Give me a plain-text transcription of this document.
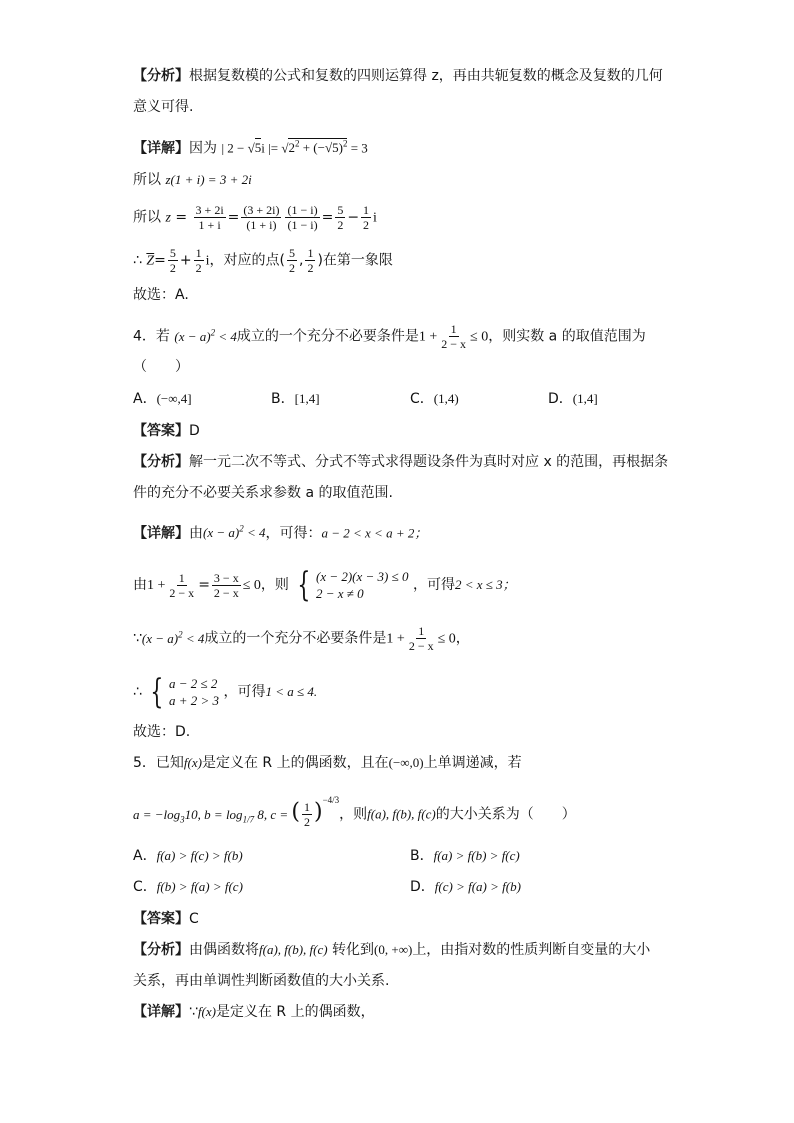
【分析】根据复数模的公式和复数的四则运算得 z，再由共轭复数的概念及复数的几何
意义可得.
【详解】因为 | 2 − √5i |= $√2^2 + (-√5)^2 = 3$
所以 z(1 + i) = 3 + 2i
所以 $z = \frac{3 + 2i}{1 + i} = \frac{(3 + 2i)}{(1 + i)} \frac{(1 - i)}{(1 - i)} = \frac{5}{2} - \frac{1}{2}$ i
∴ $\overline{Z}= \frac{5}{2} + \frac{1}{2}$ i，对应的点( $\frac{5}{2}$ , $\frac{1}{2}$ )在第一象限
故选：A.
4．若 $(x - a)^2 < 4$成立的一个充分不必要条件是$1 + \frac{1}{2 - x} \le 0$，则实数 a 的取值范围为
（　　）
A．(−∞,4]	B．[1,4]	C．(1,4)	D．(1,4]
【答案】D
【分析】解一元二次不等式、分式不等式求得题设条件为真时对应 x 的范围，再根据条
件的充分不必要关系求参数 a 的取值范围.
【详解】由$(x - a)^2 < 4$，可得：a − 2 < x < a + 2；
由$1 + \frac{1}{2 - x} = \frac{3 - x}{2 - x} \le 0$，则 { (x − 2)(x − 3) ≤ 0
2 − x ≠ 0
，可得2 < x ≤ 3；
∵(x − a)$^2$ < 4成立的一个充分不必要条件是$1 + \frac{1}{2 - x} \le 0$，
∴ { a − 2 ≤ 2
a + 2 > 3
，可得1 < a ≤ 4.
故选：D.
5．已知f(x)是定义在 R 上的偶函数，且在(−∞,0)上单调递减，若
$a = -\log_310$, $b = \log_{1/7} 8$, c = ( $\frac{1}{2} )^{-4/3}$，则f(a), f(b), f(c)的大小关系为（　　）
A．f(a) > f(c) > f(b)	B．f(a) > f(b) > f(c)
C．f(b) > f(a) > f(c)	D．f(c) > f(a) > f(b)
【答案】C
【分析】由偶函数将f(a), f(b), f(c) 转化到(0, +∞)上，由指对数的性质判断自变量的大小
关系，再由单调性判断函数值的大小关系.
【详解】∵f(x)是定义在 R 上的偶函数，
